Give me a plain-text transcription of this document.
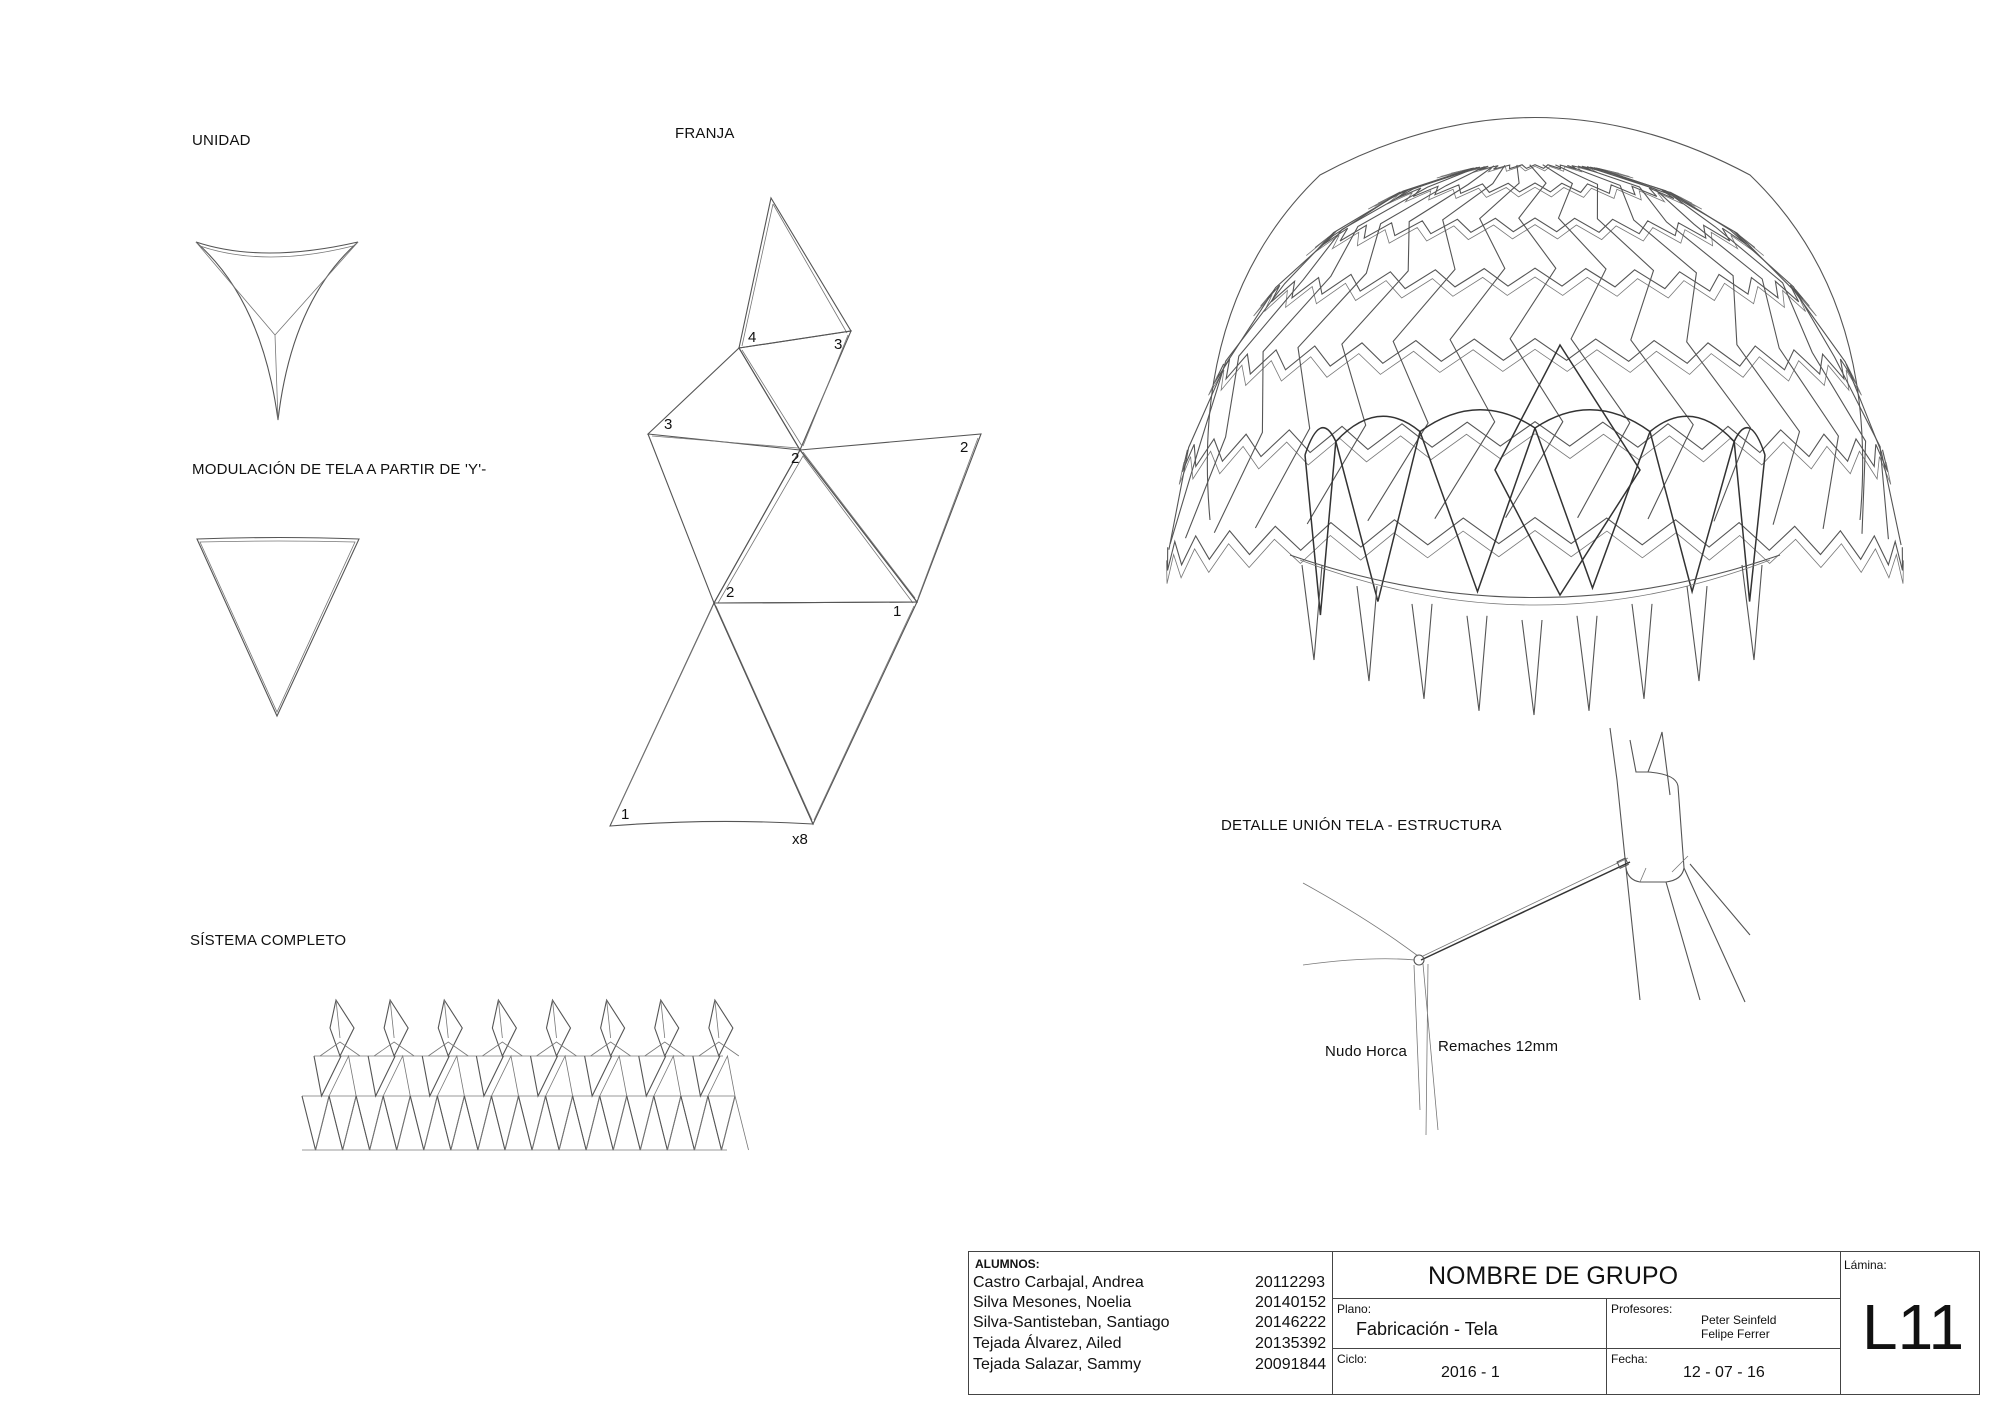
UNIDAD	FRANJA
MODULACIÓN DE TELA A PARTIR DE 'Y'-
SÍSTEMA COMPLETO
DETALLE UNIÓN TELA - ESTRUCTURA
Nudo Horca Remaches 12mm
4	3
3
2
2
2
1
1
x8
ALUMNOS:
Castro Carbajal, Andrea	20112293
Silva Mesones, Noelia	20140152
Silva-Santisteban, Santiago	20146222
Tejada Álvarez, Ailed	20135392
Tejada Salazar, Sammy	20091844
NOMBRE DE GRUPO
Plano:
Fabricación - Tela
Profesores:
Peter Seinfeld
Felipe Ferrer
Ciclo:
2016 - 1
Fecha:
12 - 07 - 16
Lámina:
L11
